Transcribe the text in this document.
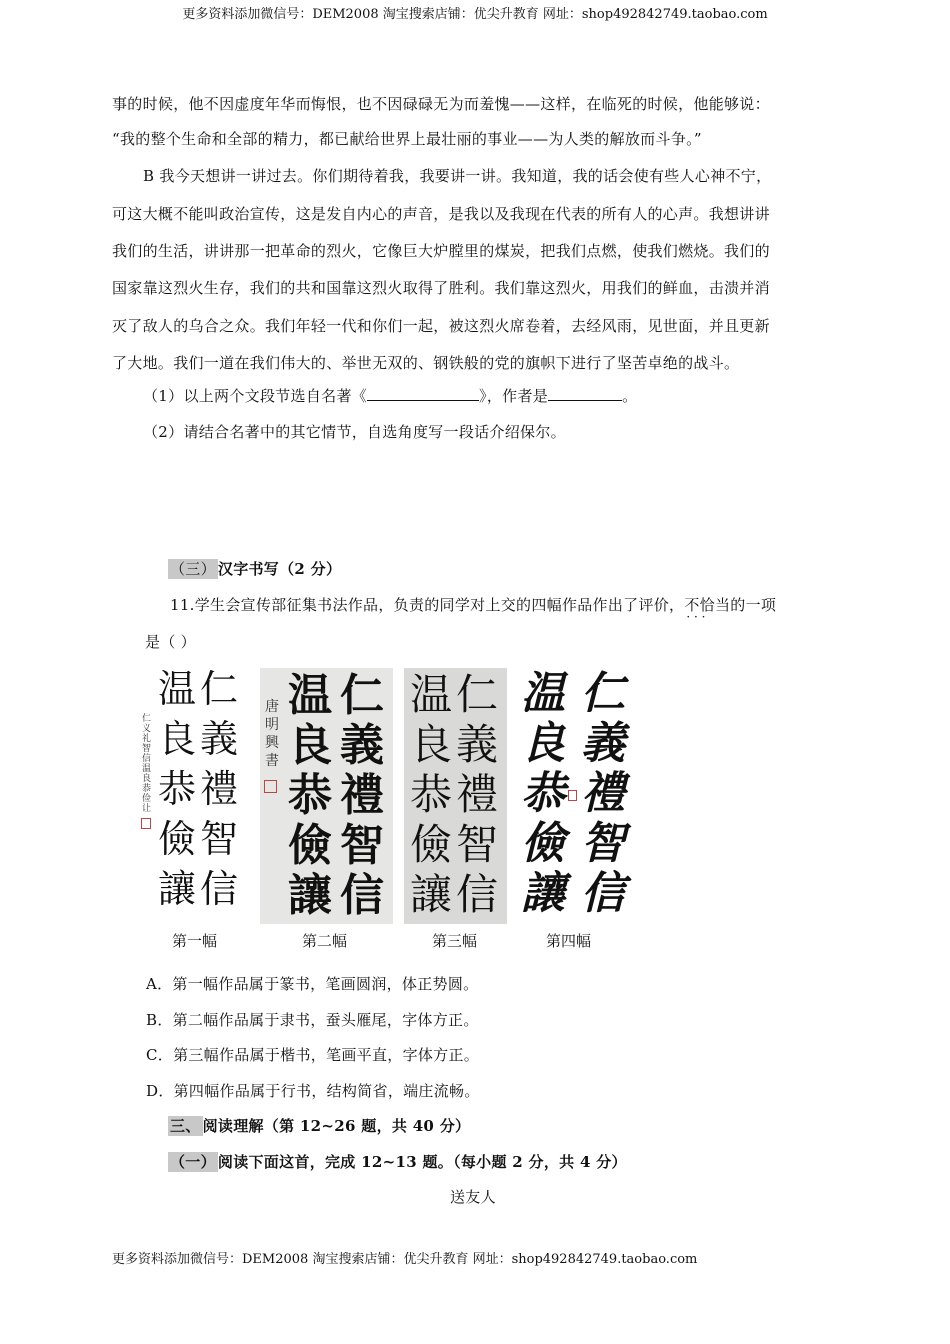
更多资料添加微信号：DEM2008 淘宝搜索店铺：优尖升教育 网址：shop492842749.taobao.com
事的时候，他不因虚度年华而悔恨，也不因碌碌无为而羞愧——这样，在临死的时候，他能够说：
“我的整个生命和全部的精力，都已献给世界上最壮丽的事业——为人类的解放而斗争。”
B 我今天想讲一讲过去。你们期待着我，我要讲一讲。我知道，我的话会使有些人心神不宁，
可这大概不能叫政治宣传，这是发自内心的声音，是我以及我现在代表的所有人的心声。我想讲讲
我们的生活，讲讲那一把革命的烈火，它像巨大炉膛里的煤炭，把我们点燃，使我们燃烧。我们的
国家靠这烈火生存，我们的共和国靠这烈火取得了胜利。我们靠这烈火，用我们的鲜血，击溃并消
灭了敌人的乌合之众。我们年轻一代和你们一起，被这烈火席卷着，去经风雨，见世面，并且更新
了大地。我们一道在我们伟大的、举世无双的、钢铁般的党的旗帜下进行了坚苦卓绝的战斗。
（1）以上两个文段节选自名著《	》，作者是	。
（2）请结合名著中的其它情节，自选角度写一段话介绍保尔。
（三） 汉字书写（2 分）
11.学生会宣传部征集书法作品，负责的同学对上交的四幅作品作出了评价，不恰当 · · ·的一项
是（ ）
仁
義
禮
智
信
温
良
恭
儉
讓
仁义礼智信温良恭俭让
仁
義
禮
智
信
温
良
恭
儉
讓
唐明興書
仁
義
禮
智
信
温
良
恭
儉
讓
仁
義
禮
智
信
温
良
恭
儉
讓
第一幅	第二幅	第三幅	第四幅
A．第一幅作品属于篆书，笔画圆润，体正势圆。
B．第二幅作品属于隶书，蚕头雁尾，字体方正。
C．第三幅作品属于楷书，笔画平直，字体方正。
D．第四幅作品属于行书，结构简省，端庄流畅。
三、 阅读理解（第 12~26 题，共 40 分）
（一） 阅读下面这首，完成 12~13 题。（每小题 2 分，共 4 分）
送友人
更多资料添加微信号：DEM2008 淘宝搜索店铺：优尖升教育 网址：shop492842749.taobao.com
